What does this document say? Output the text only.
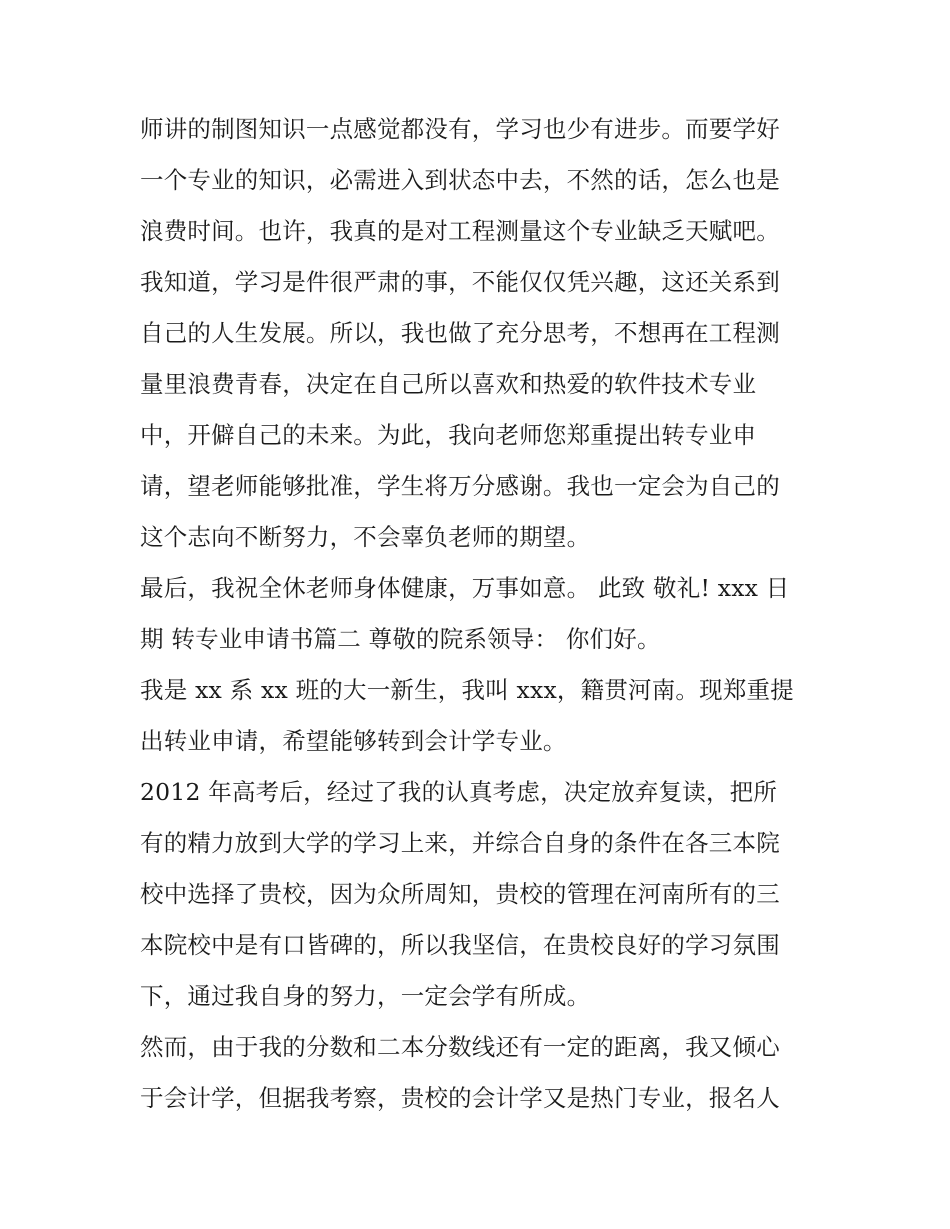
师讲的制图知识一点感觉都没有，学习也少有进步。而要学好
一个专业的知识，必需进入到状态中去，不然的话，怎么也是
浪费时间。也许，我真的是对工程测量这个专业缺乏天赋吧。
我知道，学习是件很严肃的事，不能仅仅凭兴趣，这还关系到
自己的人生发展。所以，我也做了充分思考，不想再在工程测
量里浪费青春，决定在自己所以喜欢和热爱的软件技术专业
中，开僻自己的未来。为此，我向老师您郑重提出转专业申
请，望老师能够批准，学生将万分感谢。我也一定会为自己的
这个志向不断努力，不会辜负老师的期望。
最后，我祝全休老师身体健康，万事如意。 此致 敬礼! xxx 日
期 转专业申请书篇二 尊敬的院系领导： 你们好。
我是 xx 系 xx 班的大一新生，我叫 xxx，籍贯河南。现郑重提
出转业申请，希望能够转到会计学专业。
2012 年高考后，经过了我的认真考虑，决定放弃复读，把所
有的精力放到大学的学习上来，并综合自身的条件在各三本院
校中选择了贵校，因为众所周知，贵校的管理在河南所有的三
本院校中是有口皆碑的，所以我坚信，在贵校良好的学习氛围
下，通过我自身的努力，一定会学有所成。
然而，由于我的分数和二本分数线还有一定的距离，我又倾心
于会计学，但据我考察，贵校的会计学又是热门专业，报名人
